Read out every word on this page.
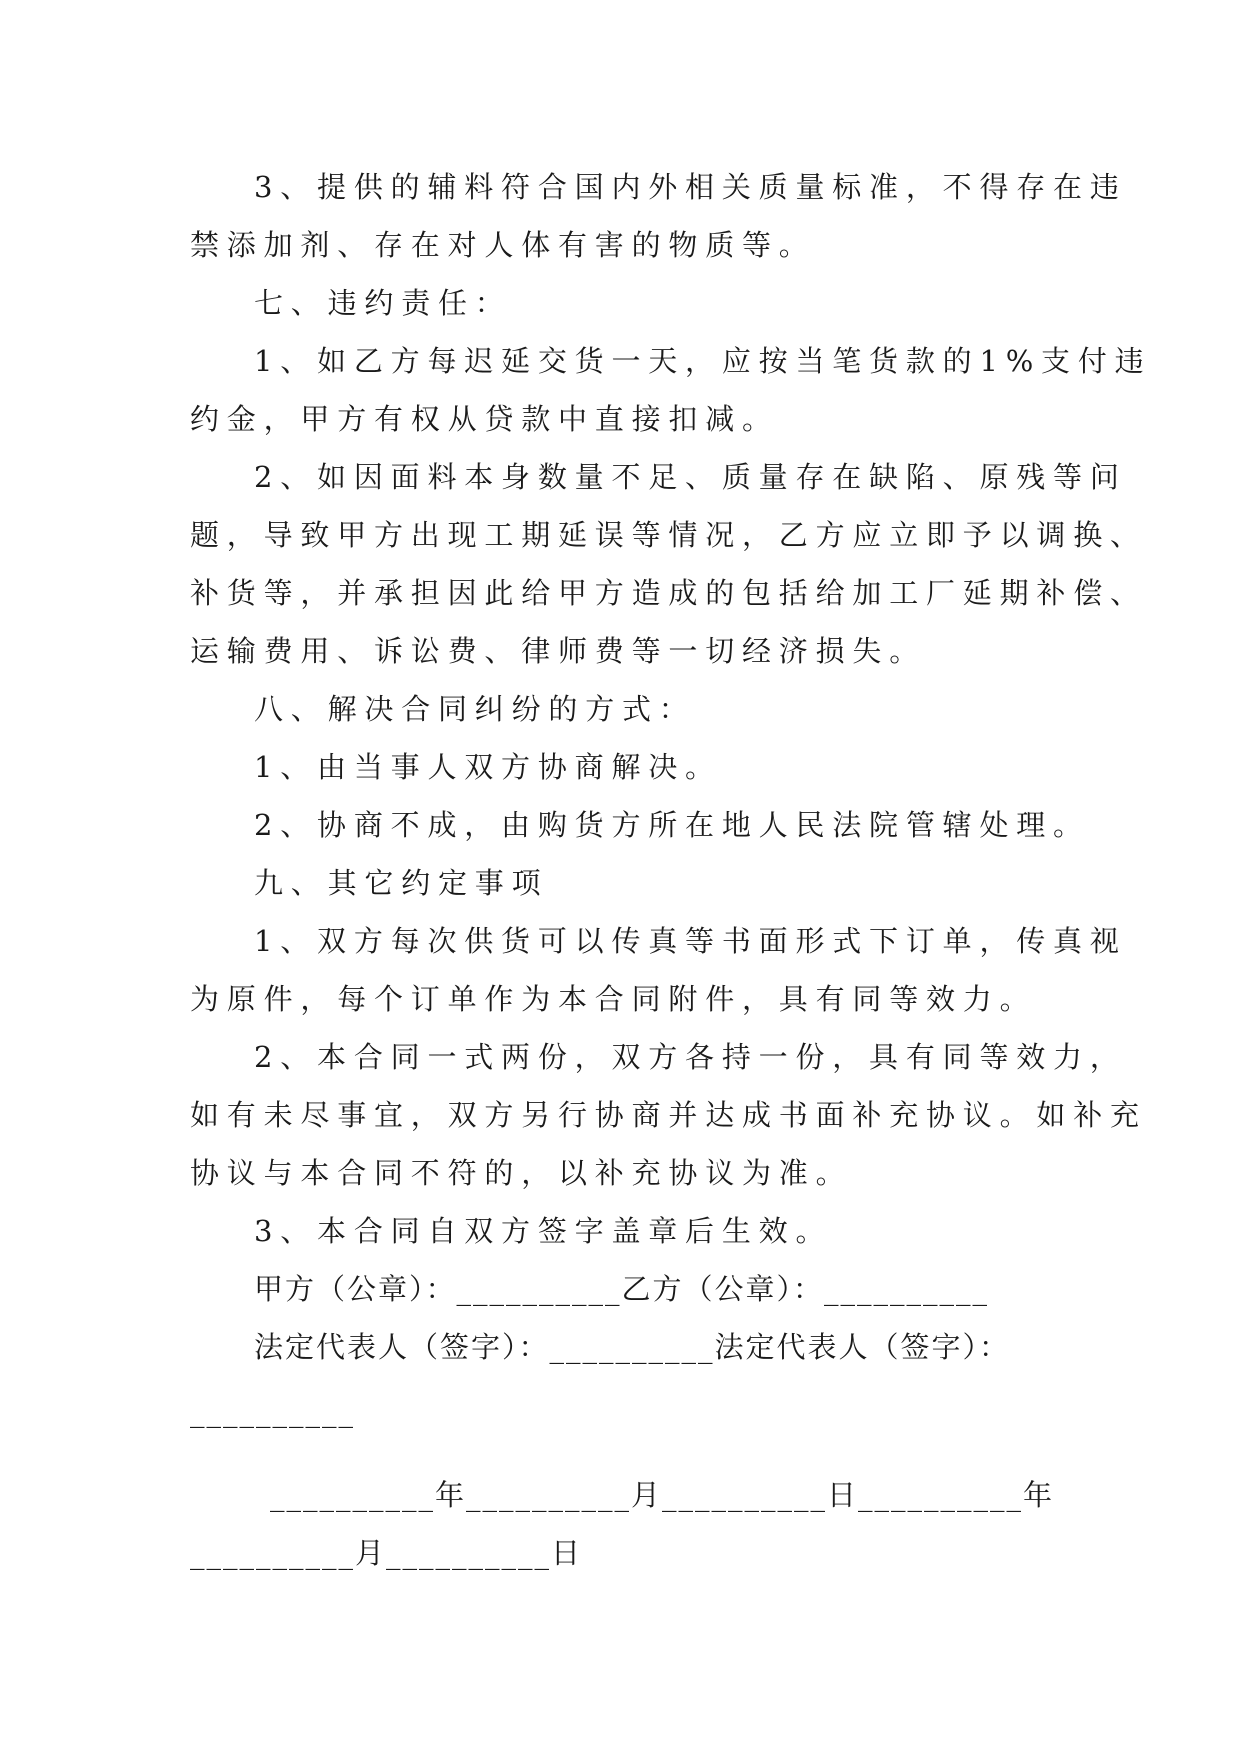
3、提供的辅料符合国内外相关质量标准，不得存在违
禁添加剂、存在对人体有害的物质等。
七、违约责任：
1、如乙方每迟延交货一天，应按当笔货款的1%支付违
约金，甲方有权从贷款中直接扣减。
2、如因面料本身数量不足、质量存在缺陷、原残等问
题，导致甲方出现工期延误等情况，乙方应立即予以调换、
补货等，并承担因此给甲方造成的包括给加工厂延期补偿、
运输费用、诉讼费、律师费等一切经济损失。
八、解决合同纠纷的方式：
1、由当事人双方协商解决。
2、协商不成，由购货方所在地人民法院管辖处理。
九、其它约定事项
1、双方每次供货可以传真等书面形式下订单，传真视
为原件，每个订单作为本合同附件，具有同等效力。
2、本合同一式两份，双方各持一份，具有同等效力，
如有未尽事宜，双方另行协商并达成书面补充协议。如补充
协议与本合同不符的，以补充协议为准。
3、本合同自双方签字盖章后生效。
甲方（公章）：__________乙方（公章）：__________
法定代表人（签字）：__________法定代表人（签字）：
__________
__________年__________月__________日__________年
__________月__________日
